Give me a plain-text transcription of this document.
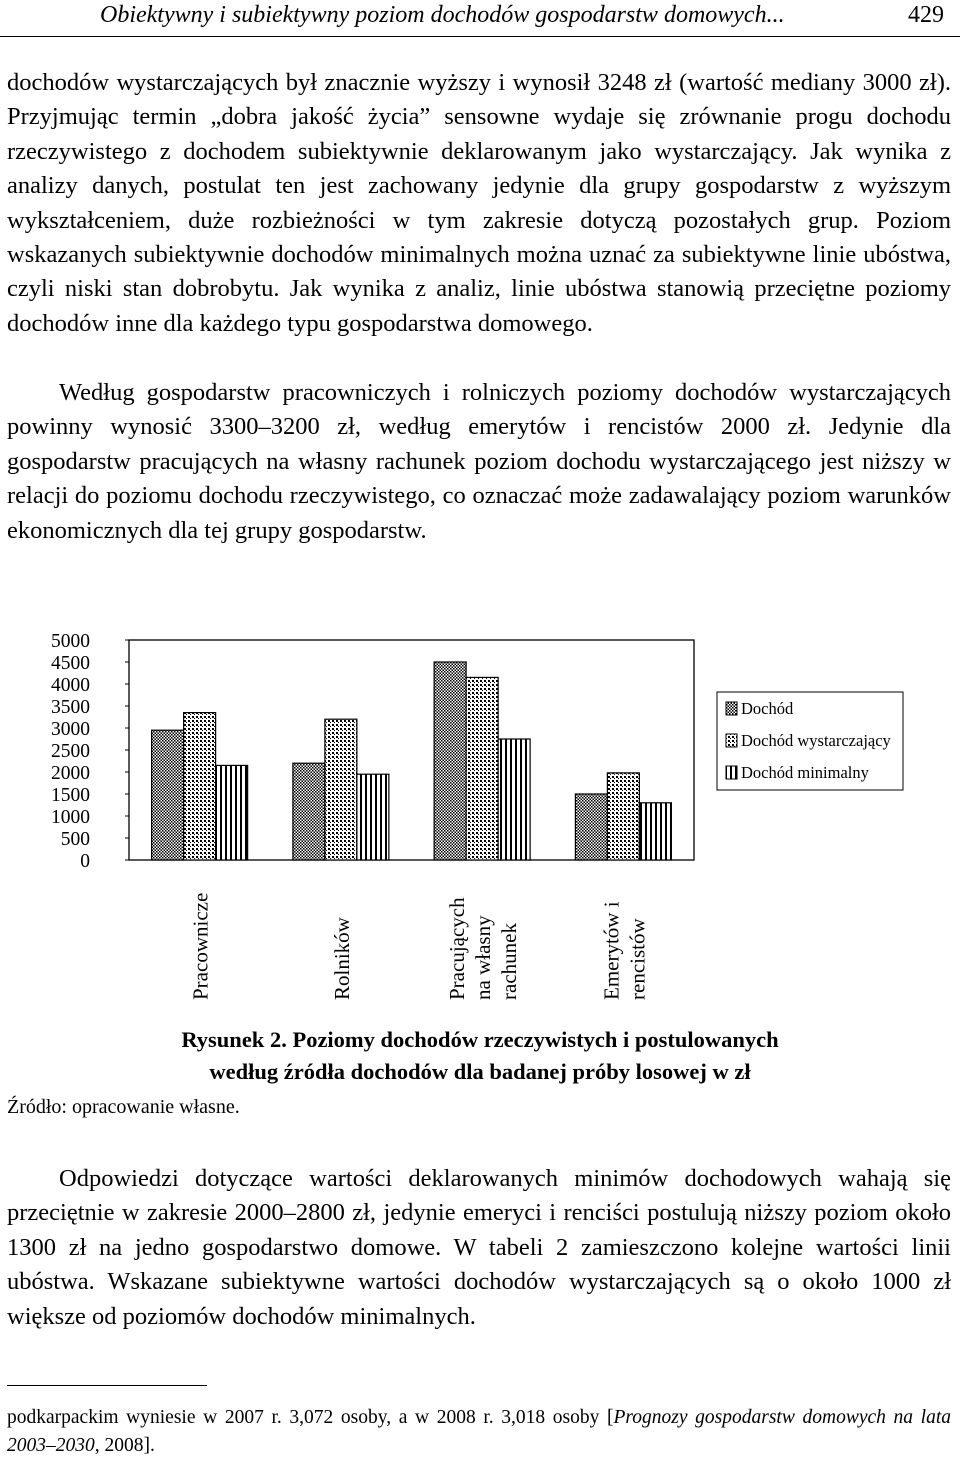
Obiektywny i subiektywny poziom dochodów gospodarstw domowych...	429

dochodów wystarczających był znacznie wyższy i wynosił 3248 zł (wartość mediany 3000 zł). Przyjmując termin „dobra jakość życia” sensowne wydaje się zrównanie progu dochodu rzeczywistego z dochodem subiektywnie deklarowanym jako wystarczający. Jak wynika z analizy danych, postulat ten jest zachowany jedynie dla grupy gospodarstw z wyższym wykształceniem, duże rozbieżności w tym zakresie dotyczą pozostałych grup. Poziom wskazanych subiektywnie dochodów minimalnych można uznać za subiektywne linie ubóstwa, czyli niski stan dobrobytu. Jak wynika z analiz, linie ubóstwa stanowią przeciętne poziomy dochodów inne dla każdego typu gospodarstwa domowego.

Według gospodarstw pracowniczych i rolniczych poziomy dochodów wystarczających powinny wynosić 3300–3200 zł, według emerytów i rencistów 2000 zł. Jedynie dla gospodarstw pracujących na własny rachunek poziom dochodu wystarczającego jest niższy w relacji do poziomu dochodu rzeczywistego, co oznaczać może zadawalający poziom warunków ekonomicznych dla tej grupy gospodarstw.

0
500
1000
1500
2000
2500
3000
3500
4000
4500
5000
Pracownicze	Rolników	Pracujących na własny rachunek	Emerytów i rencistów
Dochód
Dochód wystarczający
Dochód minimalny
Rysunek 2. Poziomy dochodów rzeczywistych i postulowanych
według źródła dochodów dla badanej próby losowej w zł
Źródło: opracowanie własne.

Odpowiedzi dotyczące wartości deklarowanych minimów dochodowych wahają się przeciętnie w zakresie 2000–2800 zł, jedynie emeryci i renciści postulują niższy poziom około 1300 zł na jedno gospodarstwo domowe. W tabeli 2 zamieszczono kolejne wartości linii ubóstwa. Wskazane subiektywne wartości dochodów wystarczających są o około 1000 zł większe od poziomów dochodów minimalnych.

podkarpackim wyniesie w 2007 r. 3,072 osoby, a w 2008 r. 3,018 osoby [Prognozy gospodarstw domowych na lata 2003–2030, 2008].
